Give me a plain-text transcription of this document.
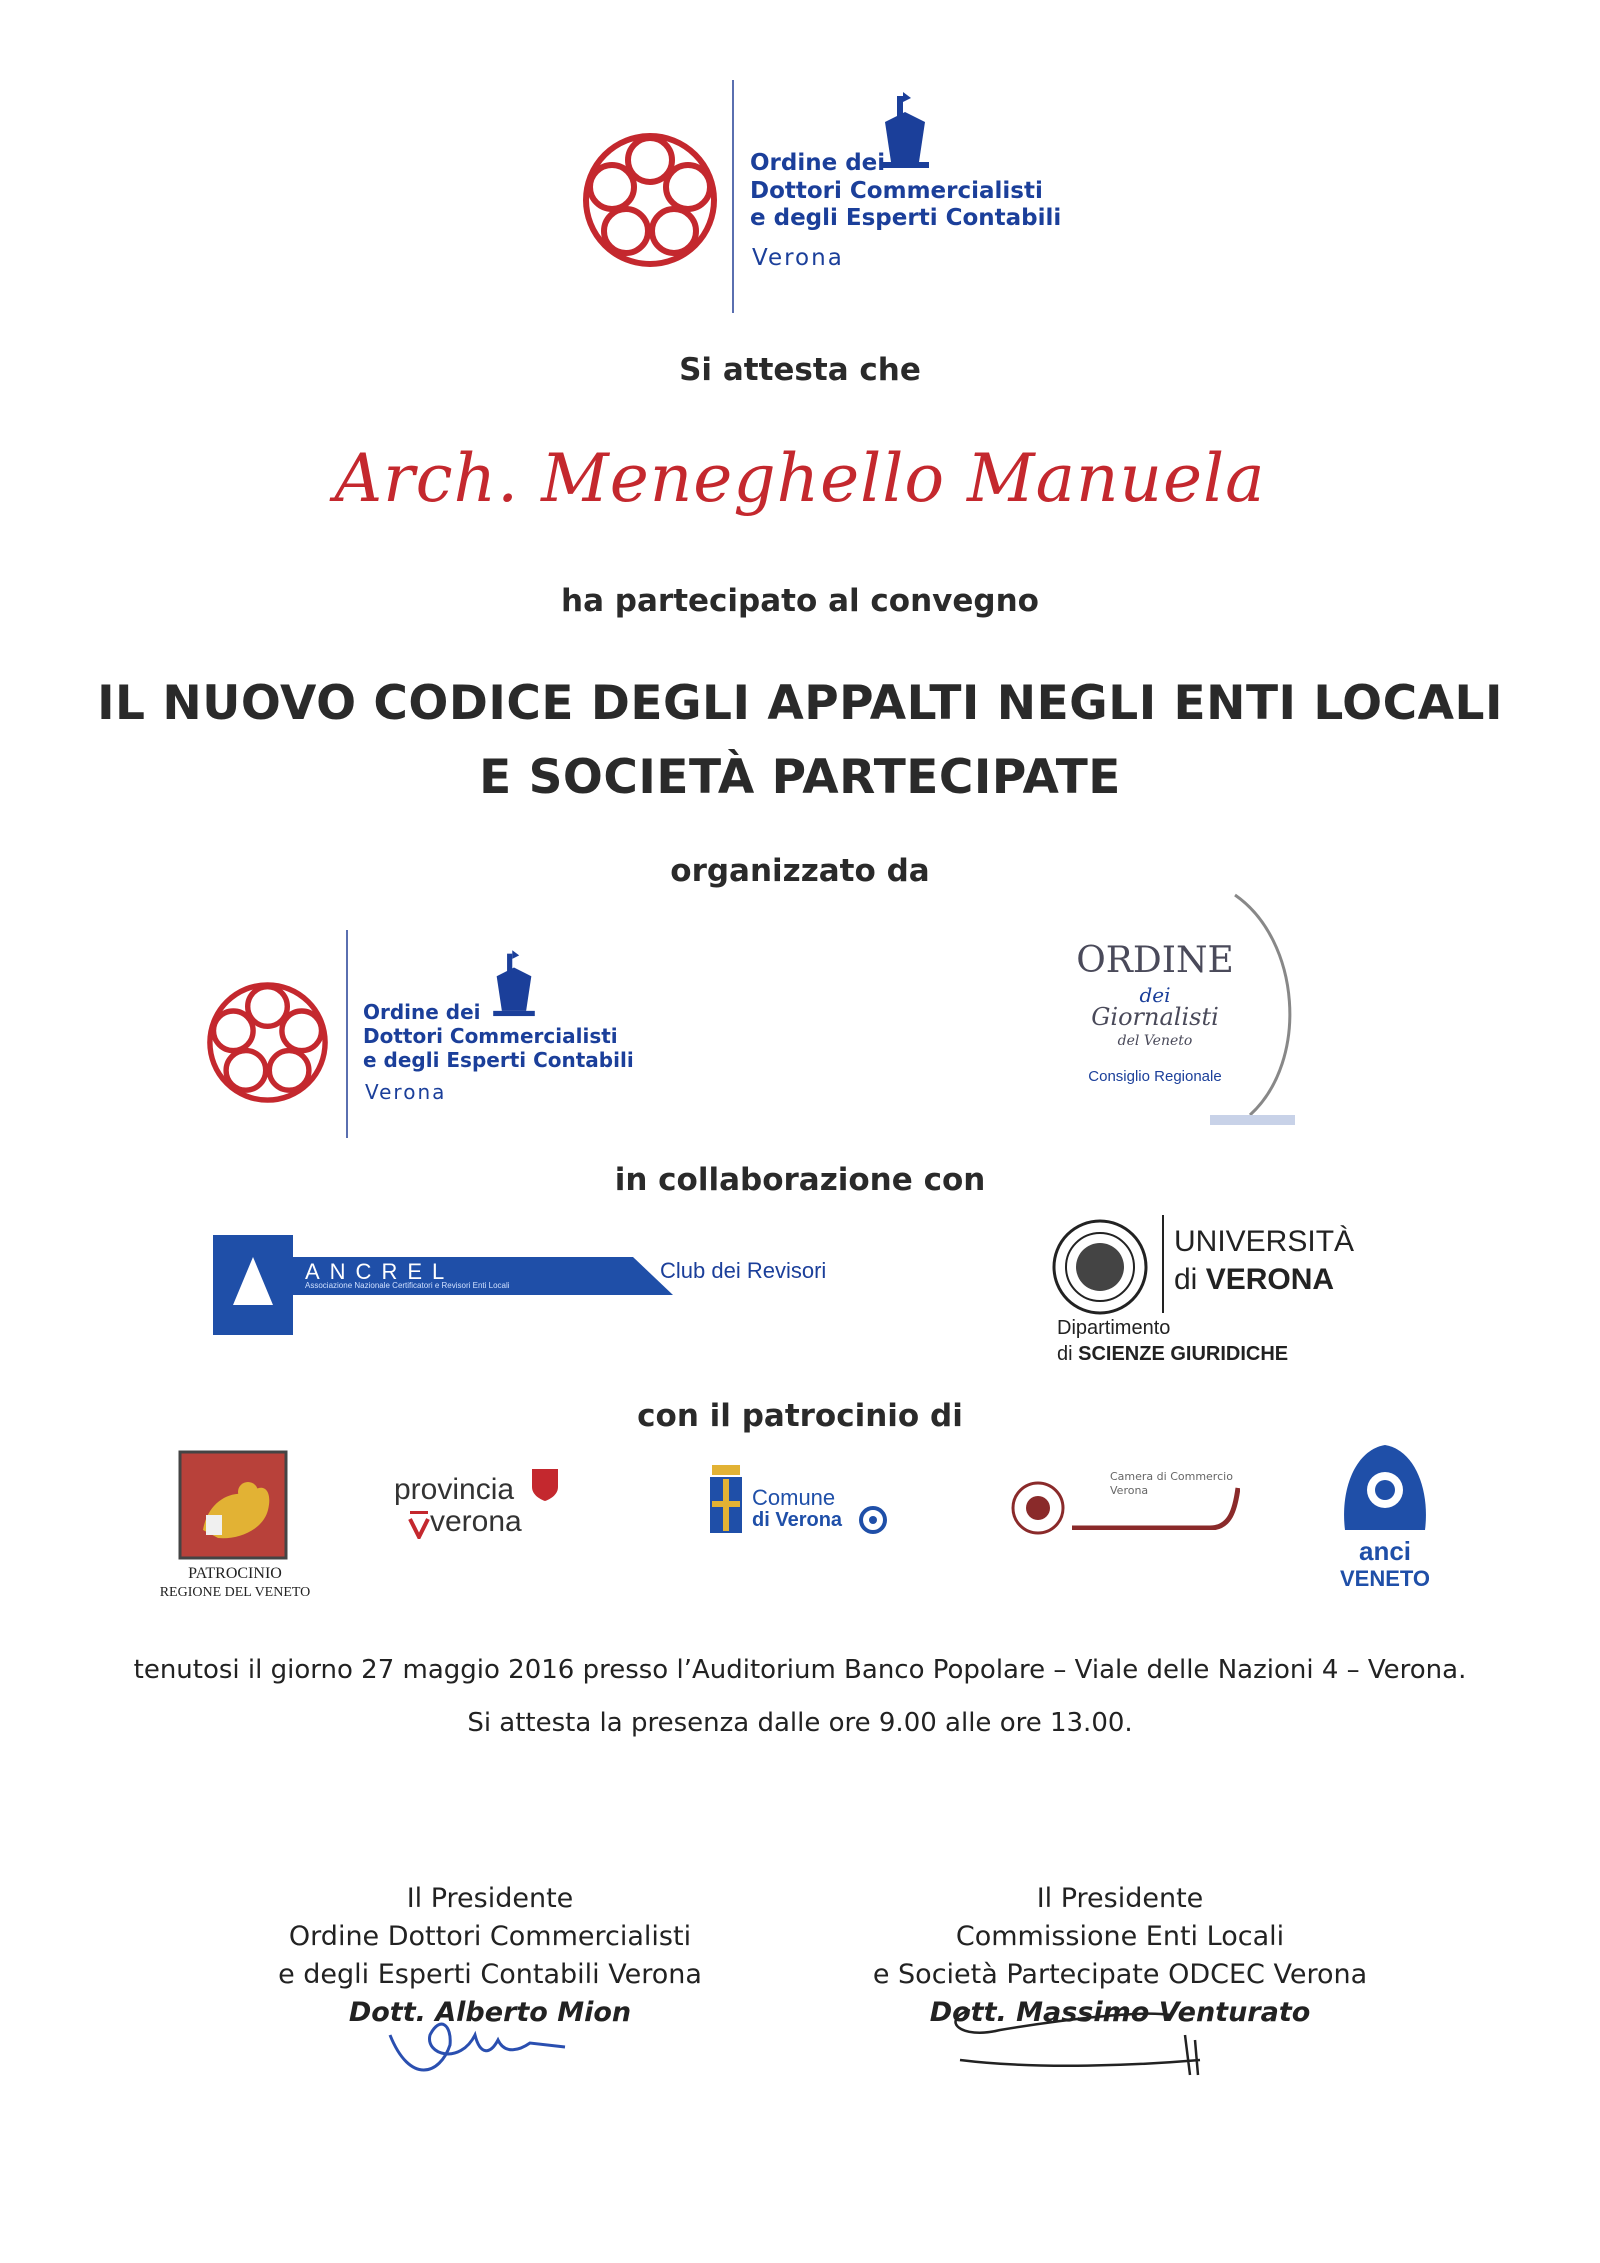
Ordine dei
Dottori Commercialisti
e degli Esperti Contabili
Verona
Si attesta che
Arch. Meneghello Manuela
ha partecipato al convegno
IL NUOVO CODICE DEGLI APPALTI NEGLI ENTI LOCALI
E SOCIETÀ PARTECIPATE
organizzato da
Ordine dei
Dottori Commercialisti
e degli Esperti Contabili
Verona
ORDINE
dei
Giornalisti
del Veneto
Consiglio Regionale
in collaborazione con
ANCREL
Associazione Nazionale Certificatori e Revisori Enti Locali
Club dei Revisori
UNIVERSITÀ
di VERONA
Dipartimento
di SCIENZE GIURIDICHE
con il patrocinio di
PATROCINIO
REGIONE DEL VENETO
provincia
verona
Comune
di Verona
Camera di Commercio
Verona
anci
VENETO
tenutosi il giorno 27 maggio 2016 presso l’Auditorium Banco Popolare – Viale delle Nazioni 4 – Verona.
Si attesta la presenza dalle ore 9.00 alle ore 13.00.
Il Presidente
Ordine Dottori Commercialisti
e degli Esperti Contabili Verona
Dott. Alberto Mion
Il Presidente
Commissione Enti Locali
e Società Partecipate ODCEC Verona
Dott. Massimo Venturato
